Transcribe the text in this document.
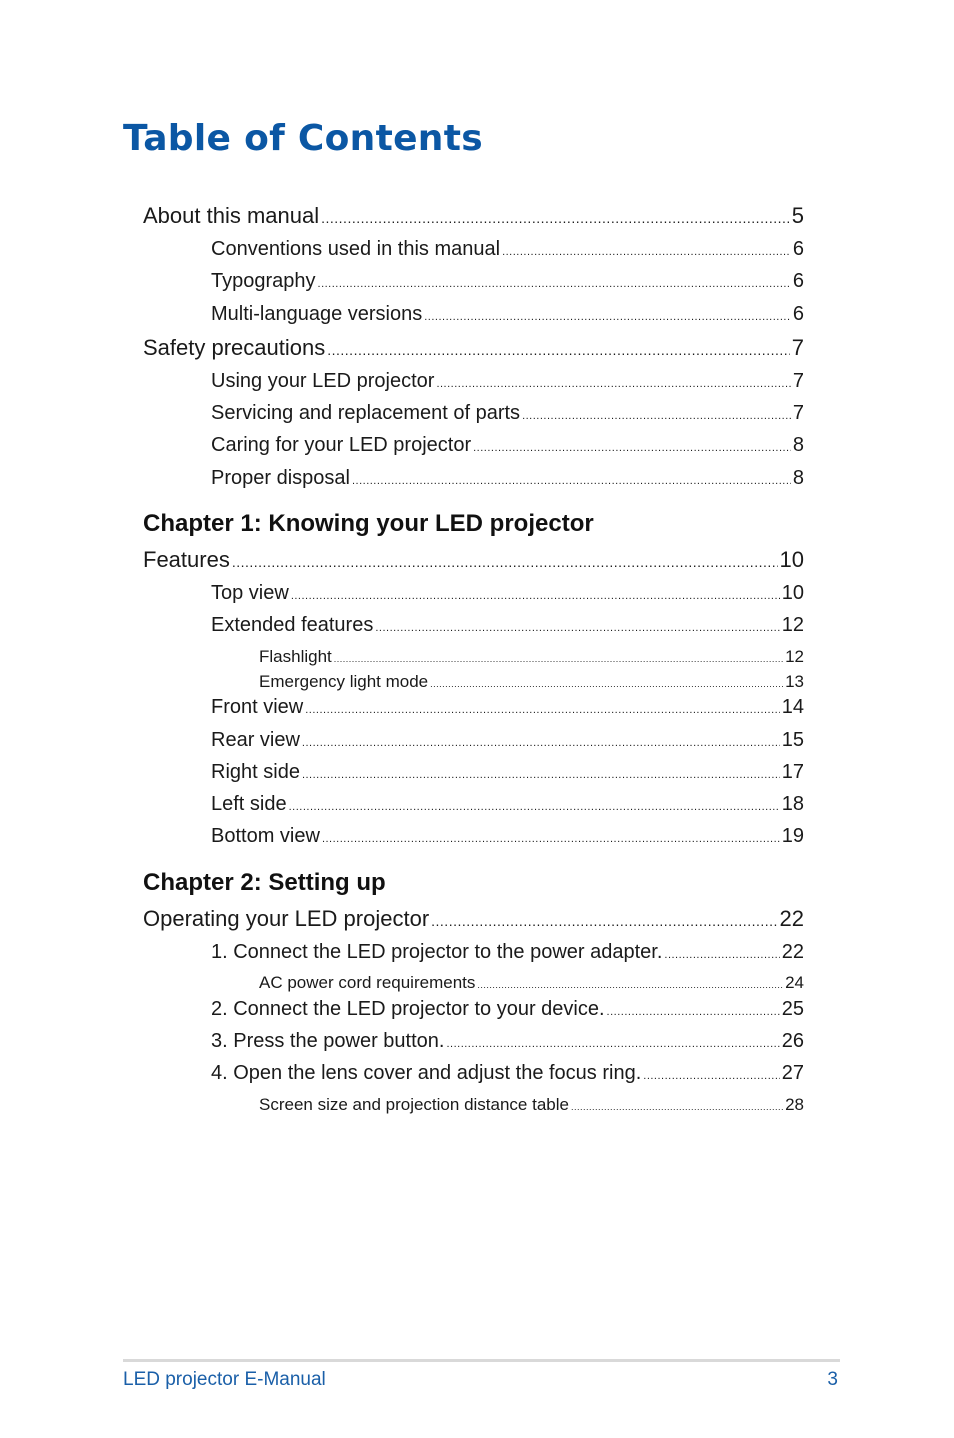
Table of Contents
About this manual .....	5
Conventions used in this manual .....	6
Typography .....	6
Multi-language versions .....	6
Safety precautions .....	7
Using your LED projector .....	7
Servicing and replacement of parts .....	7
Caring for your LED projector .....	8
Proper disposal .....	8
Chapter 1: Knowing your LED projector
Features .....	10
Top view .....	10
Extended features .....	12
Flashlight .....	12
Emergency light mode .....	13
Front view .....	14
Rear view .....	15
Right side .....	17
Left side .....	18
Bottom view .....	19
Chapter 2: Setting up
Operating your LED projector .....	22
1. Connect the LED projector to the power adapter. .....	22
AC power cord requirements .....	24
2. Connect the LED projector to your device. .....	25
3. Press the power button. .....	26
4. Open the lens cover and adjust the focus ring. .....	27
Screen size and projection distance table .....	28
LED projector E-Manual	3
